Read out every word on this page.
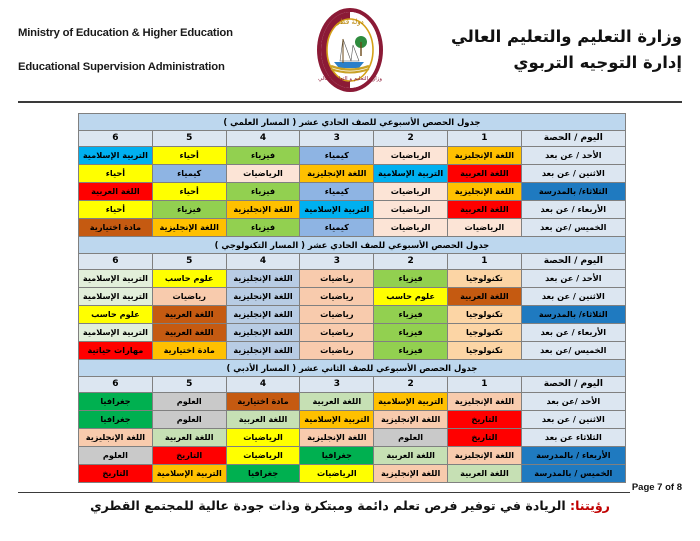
Ministry of Education & Higher Education
Educational Supervision Administration
دولة قطر
وزارة التعليم و التعليم العالي
وزارة التعليم والتعليم العالي
إدارة التوجيه التربوي
جدول الحصص الأسبوعي للصف الحادي عشر ( المسار العلمي )						
اليوم / الحصة	1	2	3	4	5	6
الأحد / عن بعد	اللغة الإنجليزية	الرياضيات	كيمياء	فيزياء	أحياء	التربية الإسلامية
الاثنين / عن بعد	اللغة العربية	التربية الإسلامية	اللغة الإنجليزية	الرياضيات	كيمياء	أحياء
الثلاثاء/ بالمدرسة	اللغة الإنجليزية	الرياضيات	كيمياء	فيزياء	أحياء	اللغة العربية
الأربعاء / عن بعد	اللغة العربية	الرياضيات	التربية الإسلامية	اللغة الإنجليزية	فيزياء	أحياء
الخميس /عن بعد	الرياضيات	الرياضيات	كيمياء	فيزياء	اللغة الإنجليزية	مادة اختيارية
جدول الحصص الأسبوعي للصف الحادي عشر ( المسار التكنولوجي )						
اليوم / الحصة	1	2	3	4	5	6
الأحد / عن بعد	تكنولوجيا	فيزياء	رياضيات	اللغة الإنجليزية	علوم حاسب	التربية الإسلامية
الاثنين / عن بعد	اللغة العربية	علوم حاسب	رياضيات	اللغة الإنجليزية	رياضيات	التربية الإسلامية
الثلاثاء/ بالمدرسة	تكنولوجيا	فيزياء	رياضيات	اللغة الإنجليزية	اللغة العربية	علوم حاسب
الأربعاء / عن بعد	تكنولوجيا	فيزياء	رياضيات	اللغة الإنجليزية	اللغة العربية	التربية الإسلامية
الخميس /عن بعد	تكنولوجيا	فيزياء	رياضيات	اللغة الإنجليزية	مادة اختيارية	مهارات حياتية
جدول الحصص الأسبوعي للصف الثاني عشر ( المسار الأدبي )						
اليوم / الحصة	1	2	3	4	5	6
الأحد /عن بعد	اللغة الإنجليزية	التربية الإسلامية	اللغة العربية	مادة اختيارية	العلوم	جغرافيا
الاثنين / عن بعد	التاريخ	اللغة الإنجليزية	التربية الإسلامية	اللغة العربية	العلوم	جغرافيا
الثلاثاء عن بعد	التاريخ	العلوم	اللغة الإنجليزية	الرياضيات	اللغة العربية	اللغة الإنجليزية
الأربعاء / بالمدرسة	اللغة الإنجليزية	اللغة العربية	جغرافيا	الرياضيات	التاريخ	العلوم
الخميس / بالمدرسة	اللغة العربية	اللغة الإنجليزية	الرياضيات	جغرافيا	التربية الإسلامية	التاريخ
Page 7 of 8
رؤيتنا: الريادة في توفير فرص تعلم دائمة ومبتكرة وذات جودة عالية للمجتمع القطري
